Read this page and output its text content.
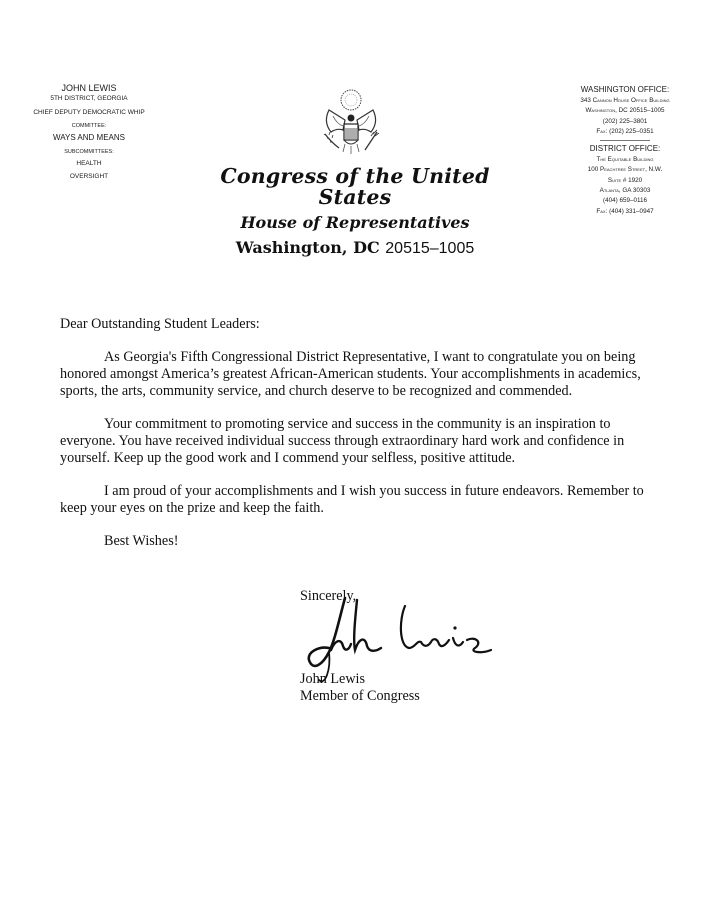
JOHN LEWIS
5TH DISTRICT, GEORGIA
CHIEF DEPUTY DEMOCRATIC WHIP
COMMITTEE:
WAYS AND MEANS
SUBCOMMITTEES:
HEALTH
OVERSIGHT	Congress of the United States
House of Representatives
Washington, DC 20515–1005
WASHINGTON OFFICE:
343 Cannon House Office Building
Washington, DC 20515–1005
(202) 225–3801
Fax: (202) 225–0351
DISTRICT OFFICE:
The Equitable Building
100 Peachtree Street, N.W.
Suite # 1920
Atlanta, GA 30303
(404) 659–0116
Fax: (404) 331–0947

Dear Outstanding Student Leaders:

As Georgia's Fifth Congressional District Representative, I want to congratulate you on being honored amongst America’s greatest African-American students. Your accomplishments in academics, sports, the arts, community service, and church deserve to be recognized and commended.

Your commitment to promoting service and success in the community is an inspiration to everyone. You have received individual success through extraordinary hard work and confidence in yourself. Keep up the good work and I commend your selfless, positive attitude.

I am proud of your accomplishments and I wish you success in future endeavors. Remember to keep your eyes on the prize and keep the faith.

Best Wishes!

Sincerely,
John Lewis
Member of Congress
